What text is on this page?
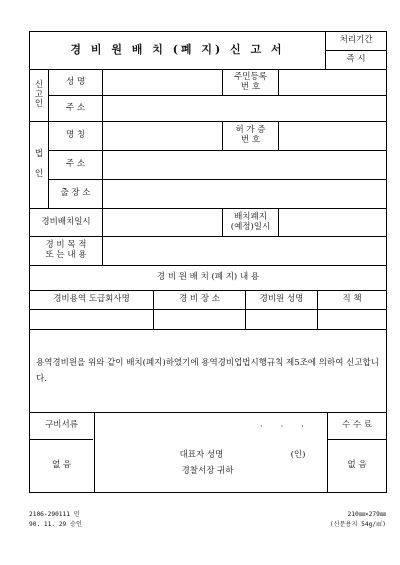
경 비 원 배 치 (폐 지) 신 고 서
처리기간
즉 시
신
고
인
성 명	주민등록
번 호
주 소
법

인
명 칭	허 가 증
번 호
주 소
출 장 소
경비배치일시	배치폐지
(예정)일시
경 비 목 적
또 는 내 용
경 비 원 배 치 (폐 지) 내 용
경비용역 도급회사명	경 비 장 소	경비원 성명	직 책
용역경비원을 위와 같이 배치(폐지)하였기에 용역경비업법시행규칙 제5조에 의하여 신고합니다.
구비서류
없 음
· · ·
대표자 성명	(인)
경찰서장 귀하
수 수 료
없 음
2106-290111 민
90. 11. 29 승인
210㎜×279㎜
(신문용지 54g/㎡)
